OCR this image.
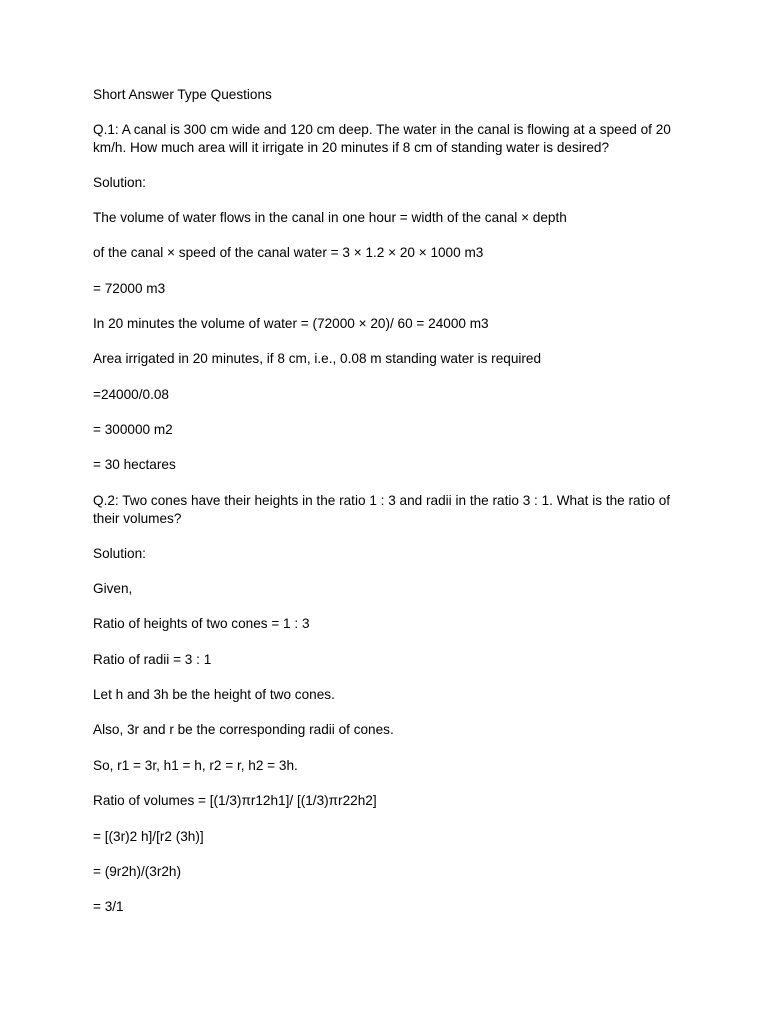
Short Answer Type Questions
Q.1: A canal is 300 cm wide and 120 cm deep. The water in the canal is flowing at a speed of 20 km/h. How much area will it irrigate in 20 minutes if 8 cm of standing water is desired?
Solution:
The volume of water flows in the canal in one hour = width of the canal × depth
of the canal × speed of the canal water = 3 × 1.2 × 20 × 1000 m3
= 72000 m3
In 20 minutes the volume of water = (72000 × 20)/ 60 = 24000 m3
Area irrigated in 20 minutes, if 8 cm, i.e., 0.08 m standing water is required
=24000/0.08
= 300000 m2
= 30 hectares
Q.2: Two cones have their heights in the ratio 1 : 3 and radii in the ratio 3 : 1. What is the ratio of their volumes?
Solution:
Given,
Ratio of heights of two cones = 1 : 3
Ratio of radii = 3 : 1
Let h and 3h be the height of two cones.
Also, 3r and r be the corresponding radii of cones.
So, r1 = 3r, h1 = h, r2 = r, h2 = 3h.
Ratio of volumes = [(1/3)πr12h1]/ [(1/3)πr22h2]
= [(3r)2 h]/[r2 (3h)]
= (9r2h)/(3r2h)
= 3/1
